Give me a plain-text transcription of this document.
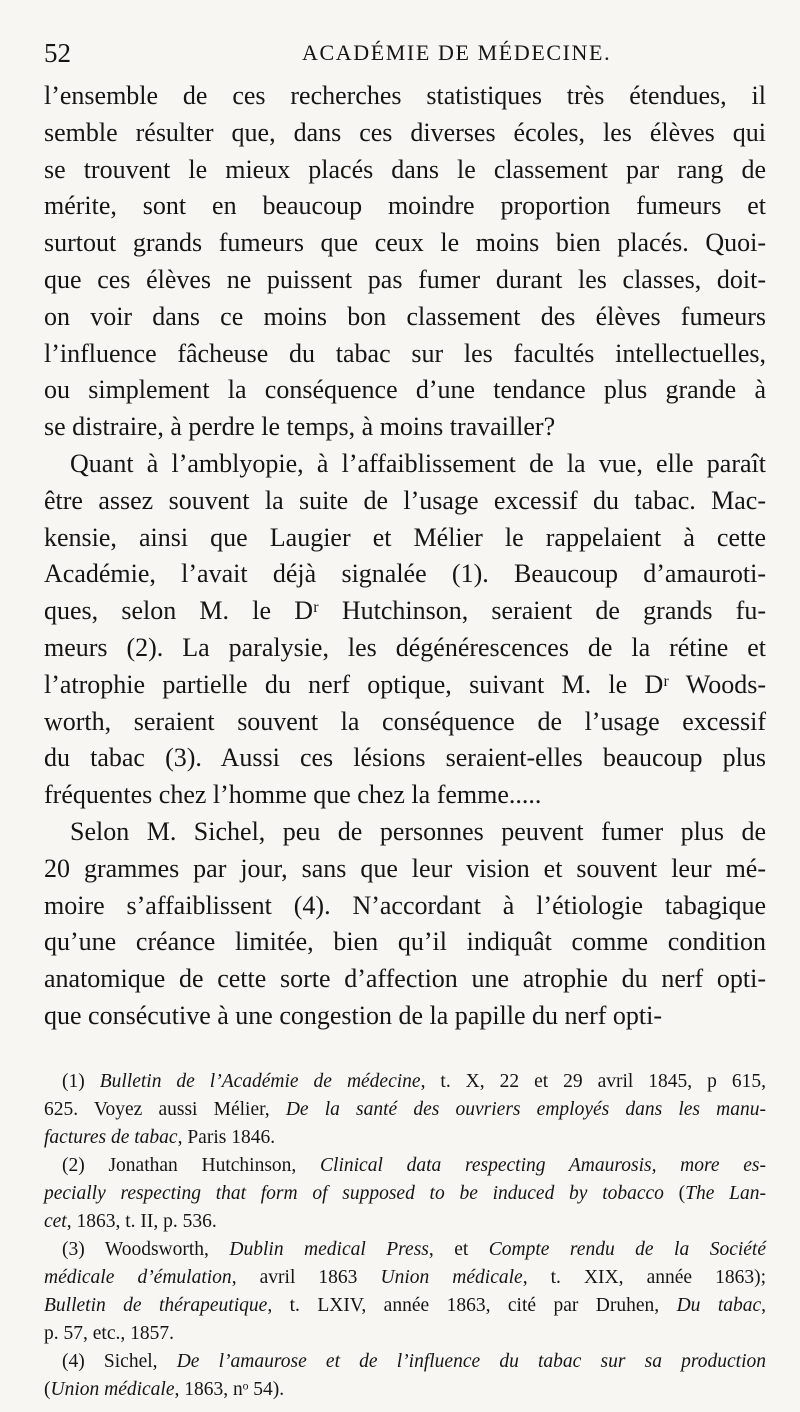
52	ACADÉMIE DE MÉDECINE.
l’ensemble de ces recherches statistiques très étendues, il
semble résulter que, dans ces diverses écoles, les élèves qui
se trouvent le mieux placés dans le classement par rang de
mérite, sont en beaucoup moindre proportion fumeurs et
surtout grands fumeurs que ceux le moins bien placés. Quoi-
que ces élèves ne puissent pas fumer durant les classes, doit-
on voir dans ce moins bon classement des élèves fumeurs
l’influence fâcheuse du tabac sur les facultés intellectuelles,
ou simplement la conséquence d’une tendance plus grande à
se distraire, à perdre le temps, à moins travailler?
Quant à l’amblyopie, à l’affaiblissement de la vue, elle paraît
être assez souvent la suite de l’usage excessif du tabac. Mac-
kensie, ainsi que Laugier et Mélier le rappelaient à cette
Académie, l’avait déjà signalée (1). Beaucoup d’amauroti-
ques, selon M. le Dʳ Hutchinson, seraient de grands fu-
meurs (2). La paralysie, les dégénérescences de la rétine et
l’atrophie partielle du nerf optique, suivant M. le Dʳ Woods-
worth, seraient souvent la conséquence de l’usage excessif
du tabac (3). Aussi ces lésions seraient-elles beaucoup plus
fréquentes chez l’homme que chez la femme.....
Selon M. Sichel, peu de personnes peuvent fumer plus de
20 grammes par jour, sans que leur vision et souvent leur mé-
moire s’affaiblissent (4). N’accordant à l’étiologie tabagique
qu’une créance limitée, bien qu’il indiquât comme condition
anatomique de cette sorte d’affection une atrophie du nerf opti-
que consécutive à une congestion de la papille du nerf opti-
(1) Bulletin de l’Académie de médecine, t. X, 22 et 29 avril 1845, p 615,
625. Voyez aussi Mélier, De la santé des ouvriers employés dans les manu-
factures de tabac, Paris 1846.
(2) Jonathan Hutchinson, Clinical data respecting Amaurosis, more es-
pecially respecting that form of supposed to be induced by tobacco (The Lan-
cet, 1863, t. II, p. 536.
(3) Woodsworth, Dublin medical Press, et Compte rendu de la Société
médicale d’émulation, avril 1863 Union médicale, t. XIX, année 1863);
Bulletin de thérapeutique, t. LXIV, année 1863, cité par Druhen, Du tabac,
p. 57, etc., 1857.
(4) Sichel, De l’amaurose et de l’influence du tabac sur sa production
(Union médicale, 1863, nᵒ 54).
